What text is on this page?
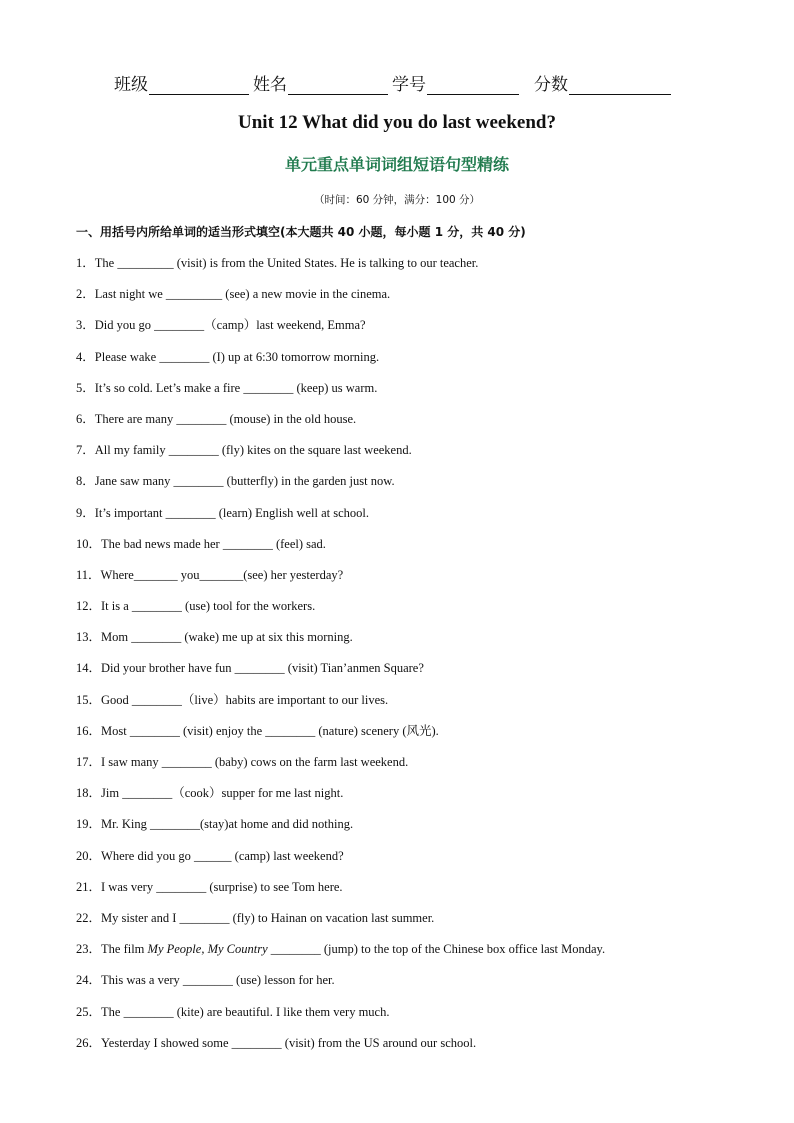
班级	姓名	学号	分数
Unit 12 What did you do last weekend?
单元重点单词词组短语句型精练
（时间：60 分钟，满分：100 分）
一、用括号内所给单词的适当形式填空(本大题共 40 小题，每小题 1 分，共 40 分)
1．The _________ (visit) is from the United States. He is talking to our teacher.
2．Last night we _________ (see) a new movie in the cinema.
3．Did you go ________（camp）last weekend, Emma?
4．Please wake ________ (I) up at 6:30 tomorrow morning.
5．It’s so cold. Let’s make a fire ________ (keep) us warm.
6．There are many ________ (mouse) in the old house.
7．All my family ________ (fly) kites on the square last weekend.
8．Jane saw many ________ (butterfly) in the garden just now.
9．It’s important ________ (learn) English well at school.
10．The bad news made her ________ (feel) sad.
11．Where_______ you_______(see) her yesterday?
12．It is a ________ (use) tool for the workers.
13．Mom ________ (wake) me up at six this morning.
14．Did your brother have fun ________ (visit) Tian’anmen Square?
15．Good ________（live）habits are important to our lives.
16．Most ________ (visit) enjoy the ________ (nature) scenery (风光).
17．I saw many ________ (baby) cows on the farm last weekend.
18．Jim ________（cook）supper for me last night.
19．Mr. King ________(stay)at home and did nothing.
20．Where did you go ______ (camp) last weekend?
21．I was very ________ (surprise) to see Tom here.
22．My sister and I ________ (fly) to Hainan on vacation last summer.
23．The film My People, My Country ________ (jump) to the top of the Chinese box office last Monday.
24．This was a very ________ (use) lesson for her.
25．The ________ (kite) are beautiful. I like them very much.
26．Yesterday I showed some ________ (visit) from the US around our school.
